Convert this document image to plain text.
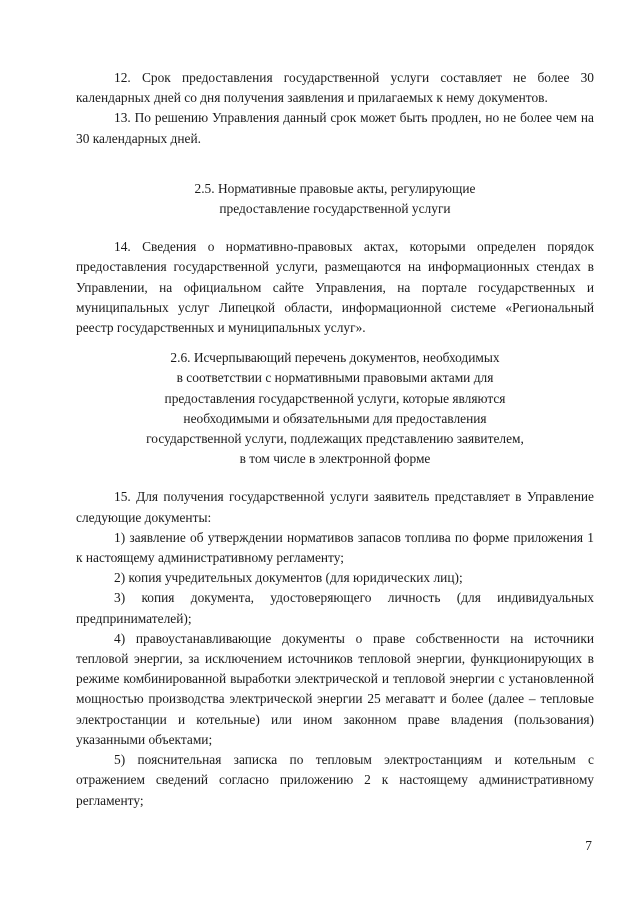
12. Срок предоставления государственной услуги составляет не более 30 календарных дней со дня получения заявления и прилагаемых к нему документов.

13. По решению Управления данный срок может быть продлен, но не более чем на 30 календарных дней.

2.5. Нормативные правовые акты, регулирующие
предоставление государственной услуги

14. Сведения о нормативно-правовых актах, которыми определен порядок предоставления государственной услуги, размещаются на информационных стендах в Управлении, на официальном сайте Управления, на портале государственных и муниципальных услуг Липецкой области, информационной системе «Региональный реестр государственных и муниципальных услуг».

2.6. Исчерпывающий перечень документов, необходимых
в соответствии с нормативными правовыми актами для
предоставления государственной услуги, которые являются
необходимыми и обязательными для предоставления
государственной услуги, подлежащих представлению заявителем,
в том числе в электронной форме

15. Для получения государственной услуги заявитель представляет в Управление следующие документы:

1) заявление об утверждении нормативов запасов топлива по форме приложения 1 к настоящему административному регламенту;

2) копия учредительных документов (для юридических лиц);

3) копия документа, удостоверяющего личность (для индивидуальных предпринимателей);

4) правоустанавливающие документы о праве собственности на источники тепловой энергии, за исключением источников тепловой энергии, функционирующих в режиме комбинированной выработки электрической и тепловой энергии с установленной мощностью производства электрической энергии 25 мегаватт и более (далее – тепловые электростанции и котельные) или ином законном праве владения (пользования) указанными объектами;

5) пояснительная записка по тепловым электростанциям и котельным с отражением сведений согласно приложению 2 к настоящему административному регламенту;

7
